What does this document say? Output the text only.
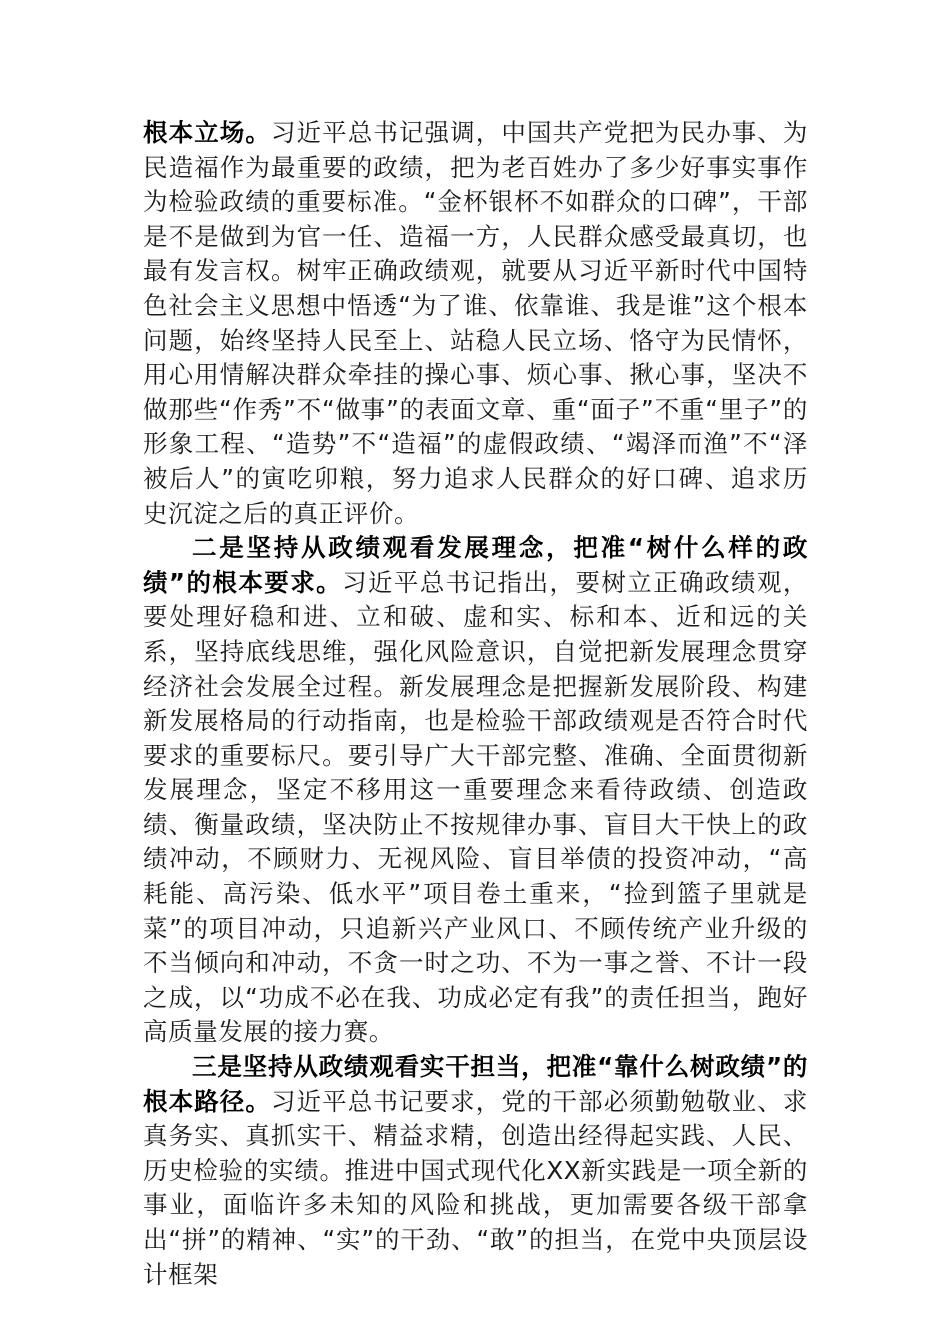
根本立场。习近平总书记强调，中国共产党把为民办事、为民造福作为最重要的政绩，把为老百姓办了多少好事实事作为检验政绩的重要标准。“金杯银杯不如群众的口碑”，干部是不是做到为官一任、造福一方，人民群众感受最真切，也最有发言权。树牢正确政绩观，就要从习近平新时代中国特色社会主义思想中悟透“为了谁、依靠谁、我是谁”这个根本问题，始终坚持人民至上、站稳人民立场、恪守为民情怀，用心用情解决群众牵挂的操心事、烦心事、揪心事，坚决不做那些“作秀”不“做事”的表面文章、重“面子”不重“里子”的形象工程、“造势”不“造福”的虚假政绩、“竭泽而渔”不“泽被后人”的寅吃卯粮，努力追求人民群众的好口碑、追求历史沉淀之后的真正评价。

二是坚持从政绩观看发展理念，把准“树什么样的政绩”的根本要求。习近平总书记指出，要树立正确政绩观，要处理好稳和进、立和破、虚和实、标和本、近和远的关系，坚持底线思维，强化风险意识，自觉把新发展理念贯穿经济社会发展全过程。新发展理念是把握新发展阶段、构建新发展格局的行动指南，也是检验干部政绩观是否符合时代要求的重要标尺。要引导广大干部完整、准确、全面贯彻新发展理念，坚定不移用这一重要理念来看待政绩、创造政绩、衡量政绩，坚决防止不按规律办事、盲目大干快上的政绩冲动，不顾财力、无视风险、盲目举债的投资冲动，“高耗能、高污染、低水平”项目卷土重来，“捡到篮子里就是菜”的项目冲动，只追新兴产业风口、不顾传统产业升级的不当倾向和冲动，不贪一时之功、不为一事之誉、不计一段之成，以“功成不必在我、功成必定有我”的责任担当，跑好高质量发展的接力赛。

三是坚持从政绩观看实干担当，把准“靠什么树政绩”的根本路径。习近平总书记要求，党的干部必须勤勉敬业、求真务实、真抓实干、精益求精，创造出经得起实践、人民、历史检验的实绩。推进中国式现代化XX新实践是一项全新的事业，面临许多未知的风险和挑战，更加需要各级干部拿出“拼”的精神、“实”的干劲、“敢”的担当，在党中央顶层设计框架
